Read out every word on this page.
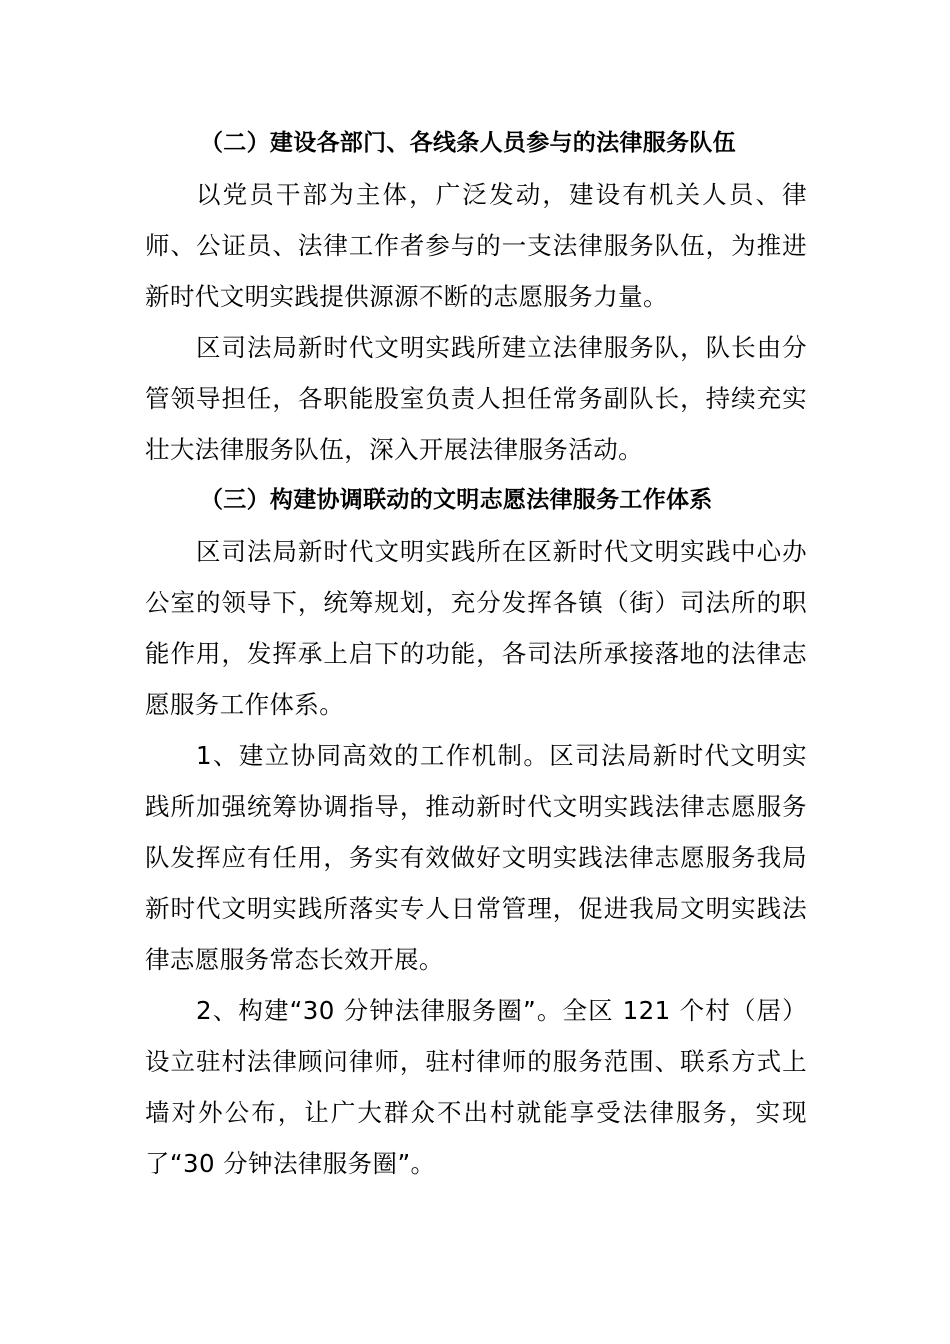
（二）建设各部门、各线条人员参与的法律服务队伍

以党员干部为主体，广泛发动，建设有机关人员、律师、公证员、法律工作者参与的一支法律服务队伍，为推进新时代文明实践提供源源不断的志愿服务力量。

区司法局新时代文明实践所建立法律服务队，队长由分管领导担任，各职能股室负责人担任常务副队长，持续充实壮大法律服务队伍，深入开展法律服务活动。

（三）构建协调联动的文明志愿法律服务工作体系

区司法局新时代文明实践所在区新时代文明实践中心办公室的领导下，统筹规划，充分发挥各镇（街）司法所的职能作用，发挥承上启下的功能，各司法所承接落地的法律志愿服务工作体系。

1、建立协同高效的工作机制。区司法局新时代文明实践所加强统筹协调指导，推动新时代文明实践法律志愿服务队发挥应有任用，务实有效做好文明实践法律志愿服务我局新时代文明实践所落实专人日常管理，促进我局文明实践法律志愿服务常态长效开展。

2、构建“30 分钟法律服务圈”。全区 121 个村（居）设立驻村法律顾问律师，驻村律师的服务范围、联系方式上墙对外公布，让广大群众不出村就能享受法律服务，实现了“30 分钟法律服务圈”。
